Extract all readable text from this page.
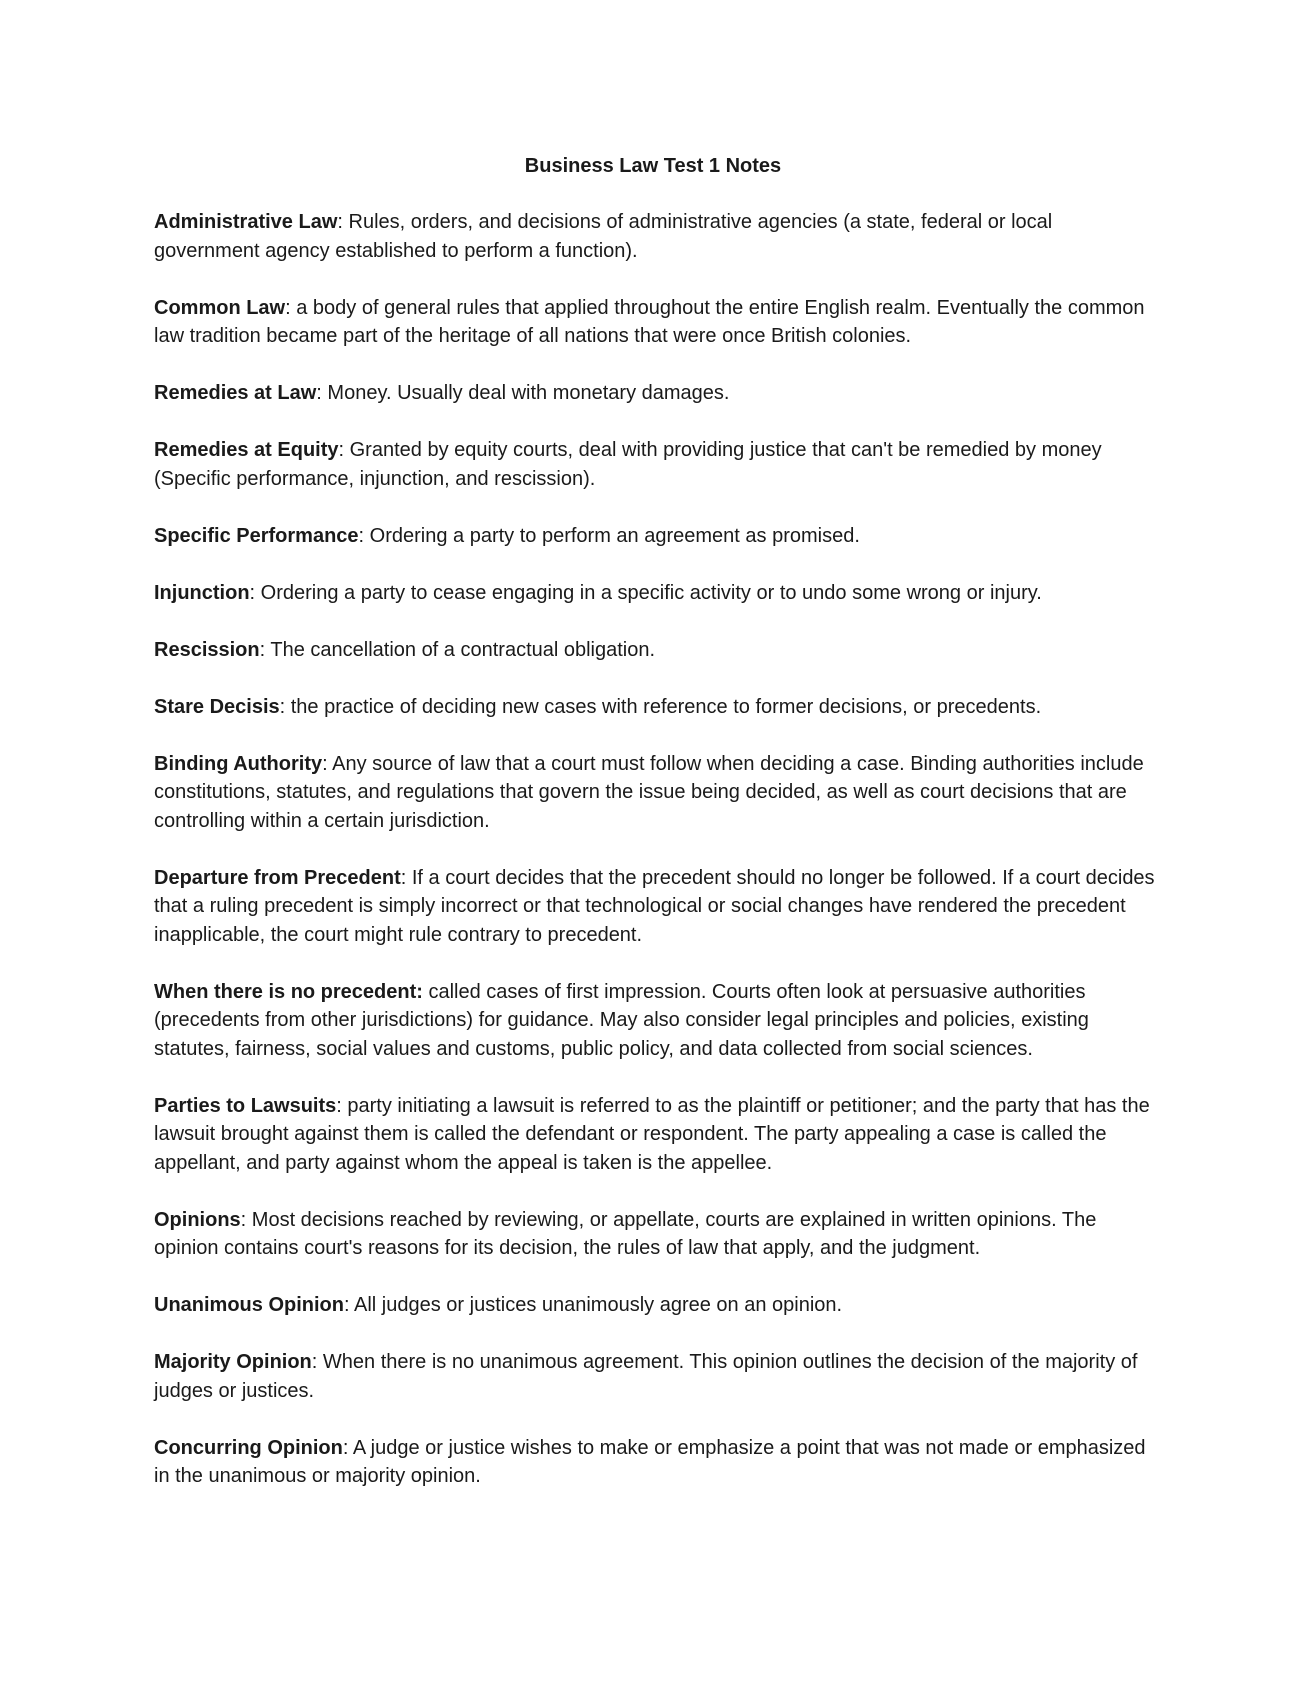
Business Law Test 1 Notes

Administrative Law: Rules, orders, and decisions of administrative agencies (a state, federal or local government agency established to perform a function).

Common Law: a body of general rules that applied throughout the entire English realm. Eventually the common law tradition became part of the heritage of all nations that were once British colonies.

Remedies at Law: Money. Usually deal with monetary damages.

Remedies at Equity: Granted by equity courts, deal with providing justice that can't be remedied by money (Specific performance, injunction, and rescission).

Specific Performance: Ordering a party to perform an agreement as promised.

Injunction: Ordering a party to cease engaging in a specific activity or to undo some wrong or injury.

Rescission: The cancellation of a contractual obligation.

Stare Decisis: the practice of deciding new cases with reference to former decisions, or precedents.

Binding Authority: Any source of law that a court must follow when deciding a case. Binding authorities include constitutions, statutes, and regulations that govern the issue being decided, as well as court decisions that are controlling within a certain jurisdiction.

Departure from Precedent: If a court decides that the precedent should no longer be followed. If a court decides that a ruling precedent is simply incorrect or that technological or social changes have rendered the precedent inapplicable, the court might rule contrary to precedent.

When there is no precedent: called cases of first impression. Courts often look at persuasive authorities (precedents from other jurisdictions) for guidance. May also consider legal principles and policies, existing statutes, fairness, social values and customs, public policy, and data collected from social sciences.

Parties to Lawsuits: party initiating a lawsuit is referred to as the plaintiff or petitioner; and the party that has the lawsuit brought against them is called the defendant or respondent. The party appealing a case is called the appellant, and party against whom the appeal is taken is the appellee.

Opinions: Most decisions reached by reviewing, or appellate, courts are explained in written opinions. The opinion contains court's reasons for its decision, the rules of law that apply, and the judgment.

Unanimous Opinion: All judges or justices unanimously agree on an opinion.

Majority Opinion: When there is no unanimous agreement. This opinion outlines the decision of the majority of judges or justices.

Concurring Opinion: A judge or justice wishes to make or emphasize a point that was not made or emphasized in the unanimous or majority opinion.
